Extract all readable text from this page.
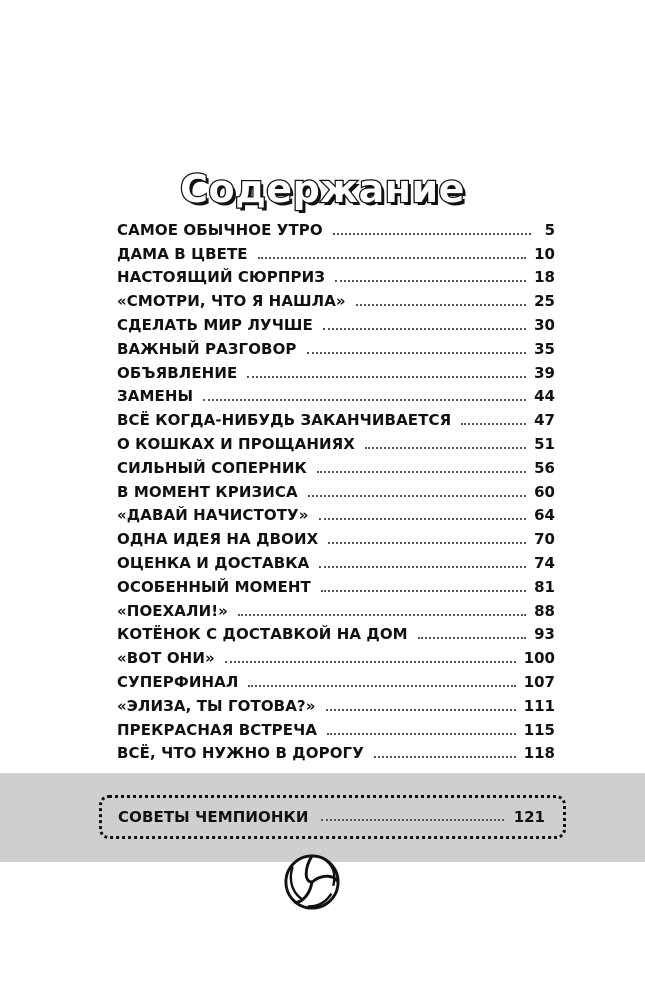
Содержание
САМОЕ ОБЫЧНОЕ УТРО	5
ДАМА В ЦВЕТЕ	10
НАСТОЯЩИЙ СЮРПРИЗ	18
«СМОТРИ, ЧТО Я НАШЛА»	25
СДЕЛАТЬ МИР ЛУЧШЕ	30
ВАЖНЫЙ РАЗГОВОР	35
ОБЪЯВЛЕНИЕ	39
ЗАМЕНЫ	44
ВСЁ КОГДА-НИБУДЬ ЗАКАНЧИВАЕТСЯ	47
О КОШКАХ И ПРОЩАНИЯХ	51
СИЛЬНЫЙ СОПЕРНИК	56
В МОМЕНТ КРИЗИСА	60
«ДАВАЙ НАЧИСТОТУ»	64
ОДНА ИДЕЯ НА ДВОИХ	70
ОЦЕНКА И ДОСТАВКА	74
ОСОБЕННЫЙ МОМЕНТ	81
«ПОЕХАЛИ!»	88
КОТЁНОК С ДОСТАВКОЙ НА ДОМ	93
«ВОТ ОНИ»	100
СУПЕРФИНАЛ	107
«ЭЛИЗА, ТЫ ГОТОВА?»	111
ПРЕКРАСНАЯ ВСТРЕЧА	115
ВСЁ, ЧТО НУЖНО В ДОРОГУ	118
СОВЕТЫ ЧЕМПИОНКИ	121
